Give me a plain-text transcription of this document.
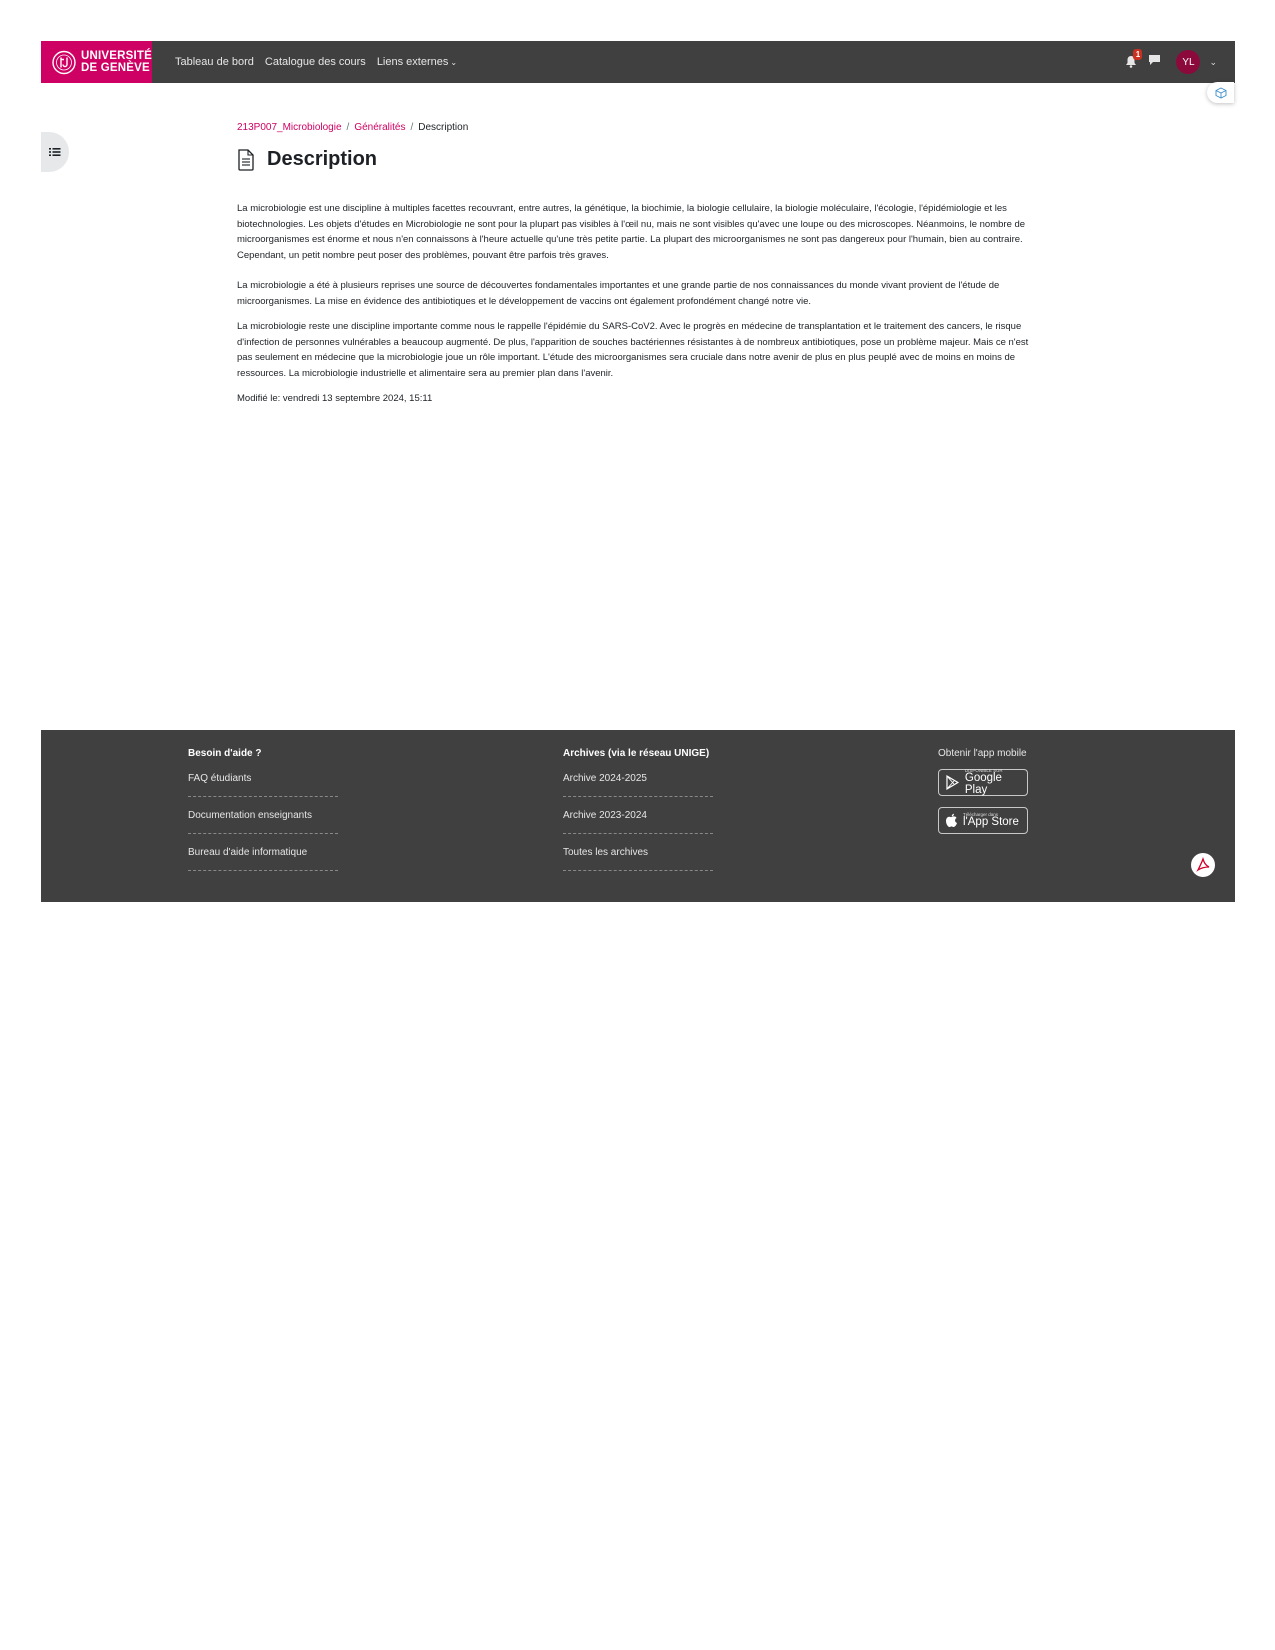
UNIVERSITÉ
DE GENÈVE Tableau de bord Catalogue des cours Liens externes ⌄
1
YL	⌄
213P007_Microbiologie / Généralités / Description
Description

La microbiologie est une discipline à multiples facettes recouvrant, entre autres, la génétique, la biochimie, la biologie cellulaire, la biologie moléculaire, l'écologie, l'épidémiologie et les biotechnologies. Les objets d'études en Microbiologie ne sont pour la plupart pas visibles à l'œil nu, mais ne sont visibles qu'avec une loupe ou des microscopes. Néanmoins, le nombre de microorganismes est énorme et nous n'en connaissons à l'heure actuelle qu'une très petite partie. La plupart des microorganismes ne sont pas dangereux pour l'humain, bien au contraire. Cependant, un petit nombre peut poser des problèmes, pouvant être parfois très graves.

La microbiologie a été à plusieurs reprises une source de découvertes fondamentales importantes et une grande partie de nos connaissances du monde vivant provient de l'étude de microorganismes. La mise en évidence des antibiotiques et le développement de vaccins ont également profondément changé notre vie.

La microbiologie reste une discipline importante comme nous le rappelle l'épidémie du SARS-CoV2. Avec le progrès en médecine de transplantation et le traitement des cancers, le risque d'infection de personnes vulnérables a beaucoup augmenté. De plus, l'apparition de souches bactériennes résistantes à de nombreux antibiotiques, pose un problème majeur. Mais ce n'est pas seulement en médecine que la microbiologie joue un rôle important. L'étude des microorganismes sera cruciale dans notre avenir de plus en plus peuplé avec de moins en moins de ressources. La microbiologie industrielle et alimentaire sera au premier plan dans l'avenir.

Modifié le: vendredi 13 septembre 2024, 15:11
Besoin d'aide ?
FAQ étudiants
Documentation enseignants
Bureau d'aide informatique
Archives (via le réseau UNIGE)
Archive 2024-2025
Archive 2023-2024
Toutes les archives
Obtenir l'app mobile
DISPONIBLE SUR
Google Play
Télécharger dans
l'App Store
